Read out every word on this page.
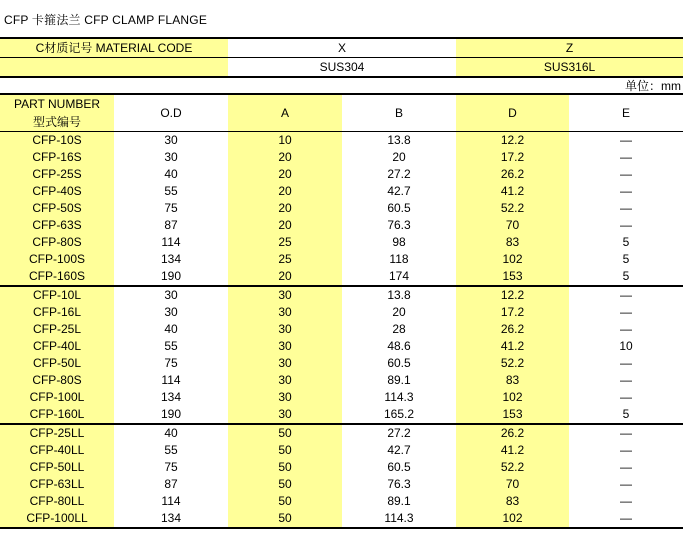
CFP 卡箍法兰 CFP CLAMP FLANGE
C材质记号 MATERIAL CODE	X	Z
	SUS304	SUS316L
单位：mm
PART NUMBER
型式编号	O.D	A	B	D	E
CFP-10S	30	10	13.8	12.2	—
CFP-16S	30	20	20	17.2	—
CFP-25S	40	20	27.2	26.2	—
CFP-40S	55	20	42.7	41.2	—
CFP-50S	75	20	60.5	52.2	—
CFP-63S	87	20	76.3	70	—
CFP-80S	114	25	98	83	5
CFP-100S	134	25	118	102	5
CFP-160S	190	20	174	153	5
CFP-10L	30	30	13.8	12.2	—
CFP-16L	30	30	20	17.2	—
CFP-25L	40	30	28	26.2	—
CFP-40L	55	30	48.6	41.2	10
CFP-50L	75	30	60.5	52.2	—
CFP-80S	114	30	89.1	83	—
CFP-100L	134	30	114.3	102	—
CFP-160L	190	30	165.2	153	5
CFP-25LL	40	50	27.2	26.2	—
CFP-40LL	55	50	42.7	41.2	—
CFP-50LL	75	50	60.5	52.2	—
CFP-63LL	87	50	76.3	70	—
CFP-80LL	114	50	89.1	83	—
CFP-100LL	134	50	114.3	102	—
